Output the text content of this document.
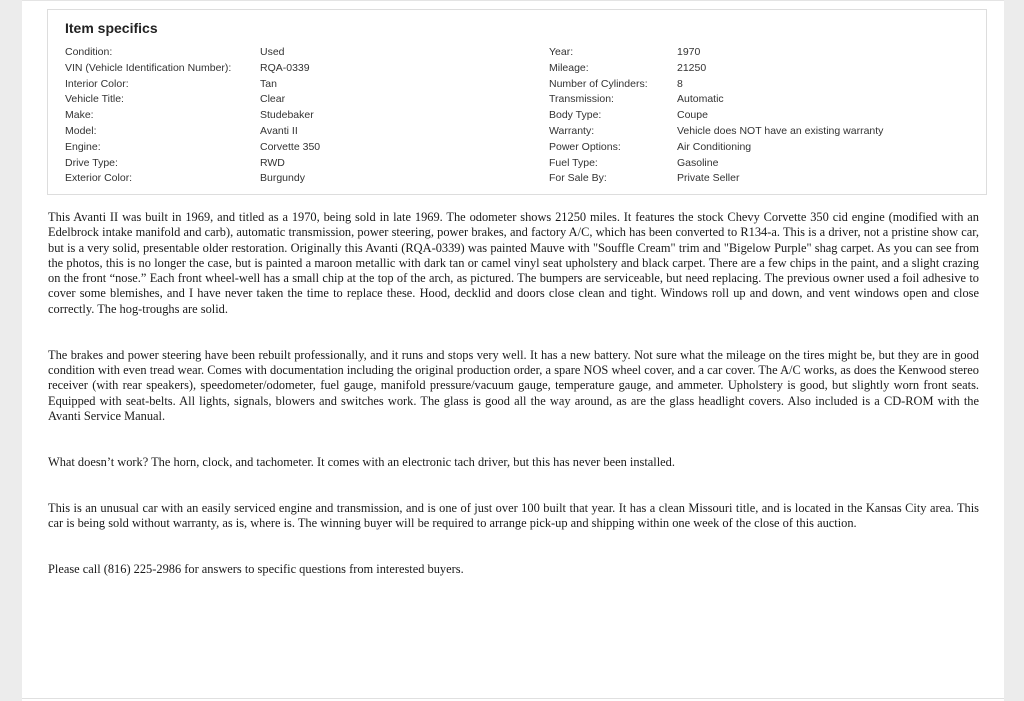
Item specifics
Condition:	Used
VIN (Vehicle Identification Number):	RQA-0339
Interior Color:	Tan
Vehicle Title:	Clear
Make:	Studebaker
Model:	Avanti II
Engine:	Corvette 350
Drive Type:	RWD
Exterior Color:	Burgundy
Year:	1970
Mileage:	21250
Number of Cylinders:	8
Transmission:	Automatic
Body Type:	Coupe
Warranty:	Vehicle does NOT have an existing warranty
Power Options:	Air Conditioning
Fuel Type:	Gasoline
For Sale By:	Private Seller

This Avanti II was built in 1969, and titled as a 1970, being sold in late 1969. The odometer shows 21250 miles. It features the stock Chevy Corvette 350 cid engine (modified with an Edelbrock intake manifold and carb), automatic transmission, power steering, power brakes, and factory A/C, which has been converted to R134-a. This is a driver, not a pristine show car, but is a very solid, presentable older restoration. Originally this Avanti (RQA-0339) was painted Mauve with "Souffle Cream" trim and "Bigelow Purple" shag carpet. As you can see from the photos, this is no longer the case, but is painted a maroon metallic with dark tan or camel vinyl seat upholstery and black carpet. There are a few chips in the paint, and a slight crazing on the front “nose.” Each front wheel-well has a small chip at the top of the arch, as pictured. The bumpers are serviceable, but need replacing. The previous owner used a foil adhesive to cover some blemishes, and I have never taken the time to replace these. Hood, decklid and doors close clean and tight. Windows roll up and down, and vent windows open and close correctly. The hog-troughs are solid.

The brakes and power steering have been rebuilt professionally, and it runs and stops very well. It has a new battery. Not sure what the mileage on the tires might be, but they are in good condition with even tread wear. Comes with documentation including the original production order, a spare NOS wheel cover, and a car cover. The A/C works, as does the Kenwood stereo receiver (with rear speakers), speedometer/odometer, fuel gauge, manifold pressure/vacuum gauge, temperature gauge, and ammeter. Upholstery is good, but slightly worn front seats. Equipped with seat-belts. All lights, signals, blowers and switches work. The glass is good all the way around, as are the glass headlight covers. Also included is a CD-ROM with the Avanti Service Manual.

What doesn’t work? The horn, clock, and tachometer. It comes with an electronic tach driver, but this has never been installed.

This is an unusual car with an easily serviced engine and transmission, and is one of just over 100 built that year. It has a clean Missouri title, and is located in the Kansas City area. This car is being sold without warranty, as is, where is. The winning buyer will be required to arrange pick-up and shipping within one week of the close of this auction.

Please call (816) 225-2986 for answers to specific questions from interested buyers.
